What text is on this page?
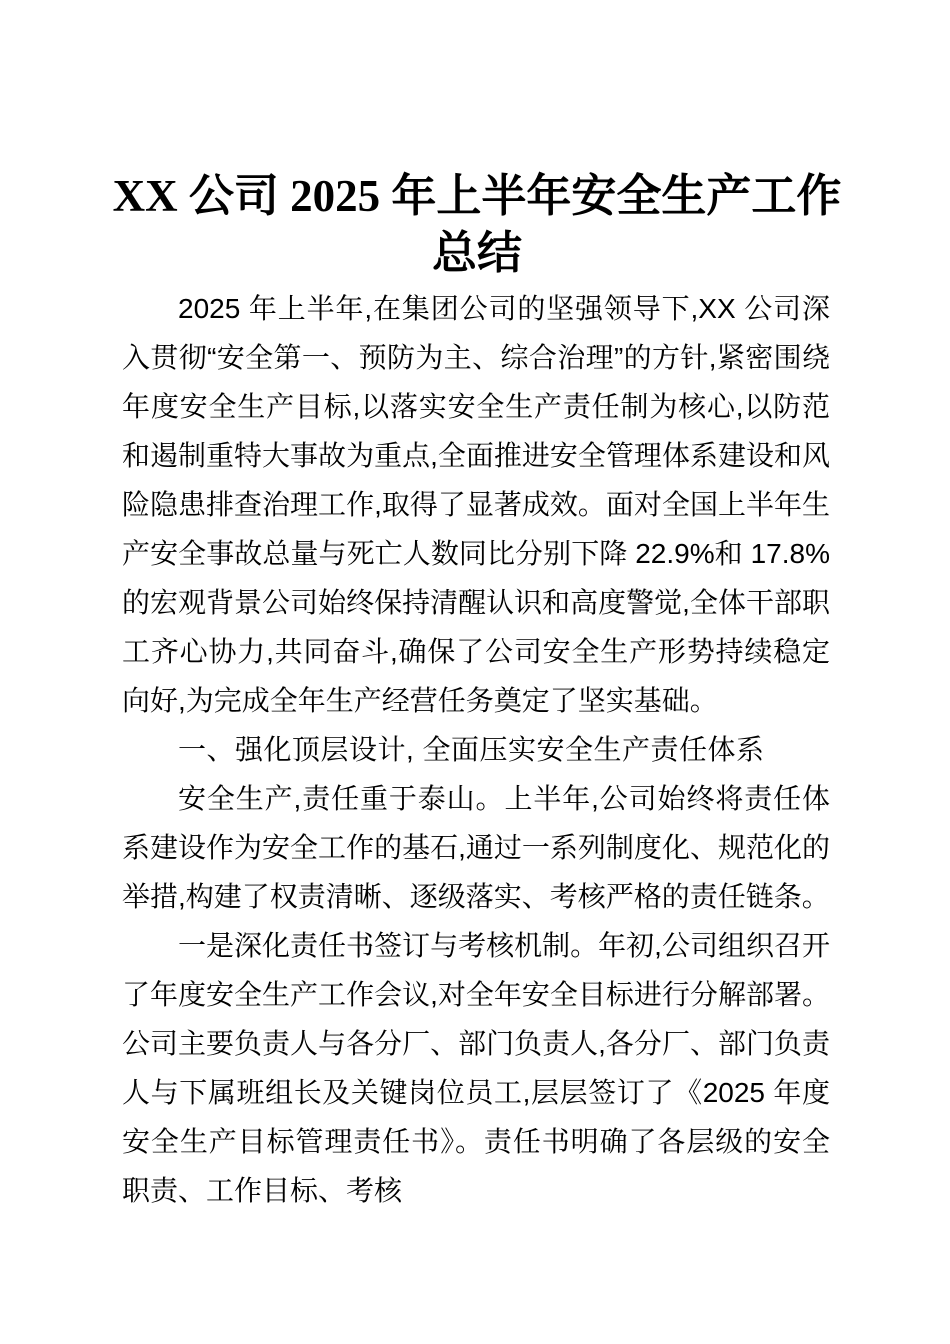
XX 公司 2025 年上半年安全生产工作总结

2025 年上半年,在集团公司的坚强领导下,XX 公司深入贯彻“安全第一、预防为主、综合治理”的方针,紧密围绕年度安全生产目标,以落实安全生产责任制为核心,以防范和遏制重特大事故为重点,全面推进安全管理体系建设和风险隐患排查治理工作,取得了显著成效。面对全国上半年生产安全事故总量与死亡人数同比分别下降 22.9%和 17.8%的宏观背景公司始终保持清醒认识和高度警觉,全体干部职工齐心协力,共同奋斗,确保了公司安全生产形势持续稳定向好,为完成全年生产经营任务奠定了坚实基础。

一、强化顶层设计, 全面压实安全生产责任体系

安全生产,责任重于泰山。上半年,公司始终将责任体系建设作为安全工作的基石,通过一系列制度化、规范化的举措,构建了权责清晰、逐级落实、考核严格的责任链条。

一是深化责任书签订与考核机制。年初,公司组织召开了年度安全生产工作会议,对全年安全目标进行分解部署。公司主要负责人与各分厂、部门负责人,各分厂、部门负责人与下属班组长及关键岗位员工,层层签订了《2025 年度安全生产目标管理责任书》。责任书明确了各层级的安全职责、工作目标、考核
